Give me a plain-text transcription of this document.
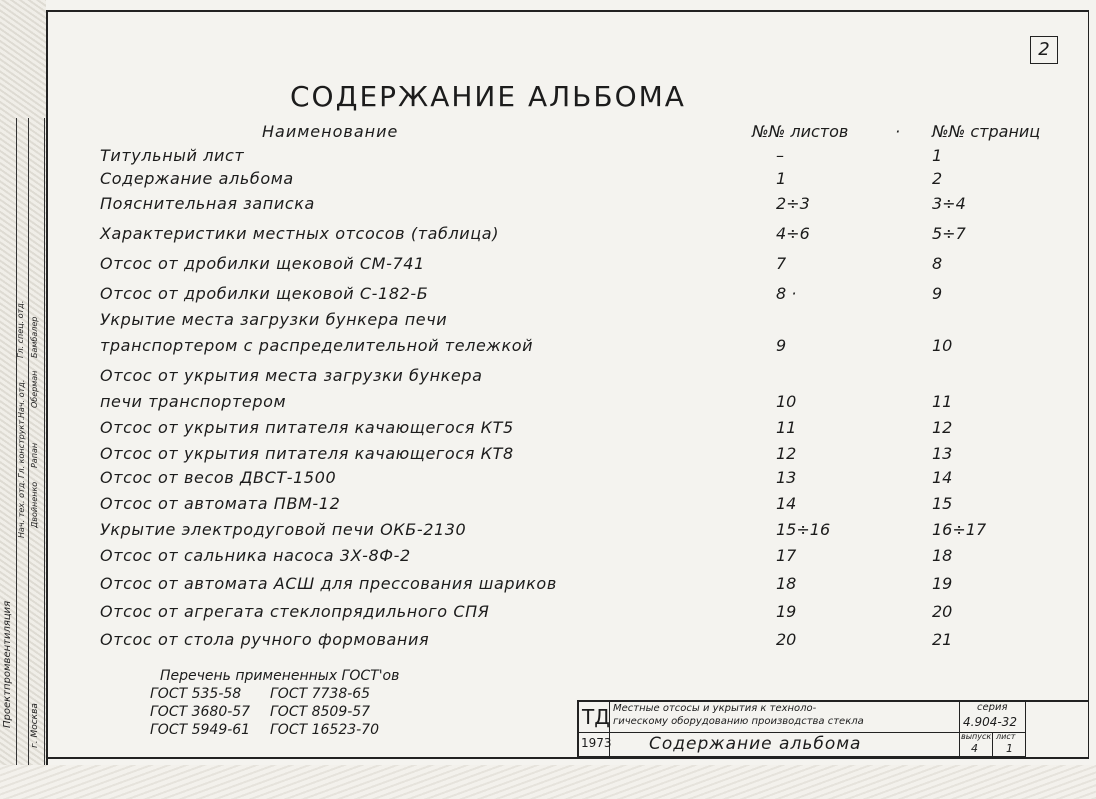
Проектпромвентиляция
Нач. тех. отд.
Гл. конструкт.
Нач. отд.
Двойненко
Рапан
Оберман
г. Москва
Гл. спец. отд. Бамбалер
2
СОДЕРЖАНИЕ АЛЬБОМА
Наименование	№№ листов	· №№ страниц
Титульный лист	–	1
Содержание альбома	1	2
Пояснительная записка	2÷3	3÷4
Характеристики местных отсосов (таблица)	4÷6	5÷7
Отсос от дробилки щековой СМ-741	7	8
Отсос от дробилки щековой С-182-Б	8 ·	9
Укрытие места загрузки бункера печи
транспортером с распределительной тележкой	9	10
Отсос от укрытия места загрузки бункера
печи транспортером	10	11
Отсос от укрытия питателя качающегося КТ5	11	12
Отсос от укрытия питателя качающегося КТ8	12	13
Отсос от весов ДВСТ-1500	13	14
Отсос от автомата ПВМ-12	14	15
Укрытие электродуговой печи ОКБ-2130	15÷16	16÷17
Отсос от сальника насоса 3Х-8Ф-2	17	18
Отсос от автомата АСШ для прессования шариков	18	19
Отсос от агрегата стеклопрядильного СПЯ	19	20
Отсос от стола ручного формования	20	21
Перечень примененных ГОСТ'ов
ГОСТ 535-58 ГОСТ 7738-65
ГОСТ 3680-57 ГОСТ 8509-57
ГОСТ 5949-61 ГОСТ 16523-70
ТД Местные отсосы и укрытия к техноло-
гическому оборудованию производства стекла
серия
4.904-32
1973 Содержание альбома	выпуск
4
лист
1
